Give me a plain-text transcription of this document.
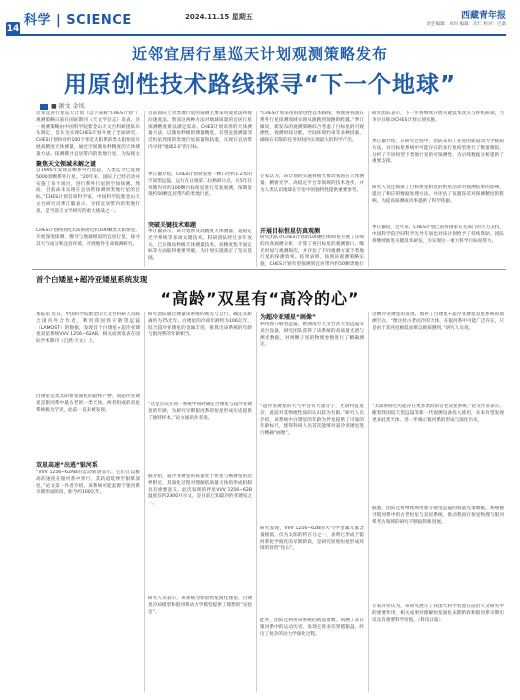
14
科学 | SCIENCE	2024.11.15 星期五	西藏青年报
责任编辑：卓玛 编辑：次仁 校对：巴桑
近邻宜居行星巡天计划观测策略发布
用原创性技术路线探寻“下一个地球”
■ 据文 金凤
近邻宜居行星巡天计划（以下简称“CHES计划”）观测策略日前在国际期刊《天文学杂志》发表。这一观测策略由中国科学院紫金山天文台科研团队牵头制定，旨在为实现CHES计划开展了全面研究。CHES计划将对约100个邻近太阳系的类太阳恒星开展高精度天体测量，通过空间微角秒精度的天体测量方法，探测搜寻宜居带内的类地行星，为发现太
聚焦天文领域未解之谜
自1995年发现首颗系外行星起，人类迄今已发现5000余颗系外行星。“20年来，国际上已经启动并实施了多个项目，进行系外行星的空间探测。然而，目前尚未实现在宜居带探测到类地行星的目标。”CHES计划首席科学家、中国科学院紫金山天文台研究员季江徽表示，寻找宜居带内的类地行星，是当前天文学研究的重大挑战之一。
CHES计划将围绕太阳系附近约100颗类太阳恒星，开展深度探测，搜寻与地球相似的宜居行星，探寻其大气成分和宜居环境，开展地外生命探测研究。
目前国际上对类地行星的探测主要采用凌星法和视向速度法。然而这两种方法对地球质量的宜居行星探测精度难以满足需求。CHES计划采用的天体测量方法，以微角秒级的测量精度，有望直接测量邻近恒星周围的类地行星质量和轨道，实现在宜居带内寻找“地球2.0”的目标。
季江徽介绍，CHES计划将发射一颗口径约1.2米的空间望远镜，运行在日地第二拉格朗日点，在5年任务期内对约100颗目标恒星进行反复观测，预期发现约50颗宜居带内的类地行星。
突破关键技术难题
季江徽表示，该计划涉及高精度天体测量、超稳定光学系统等多项关键技术。科研团队经过多年攻关，已在微角秒级天体测量技术、高精度焦平面定标等方面取得重要突破，为计划实施奠定了坚实基础。
“CHES计划采用的原创性技术路线，将使得我国在系外行星探测领域实现从跟跑到领跑的跨越。”季江徽说，新发布的观测策略综合考虑了目标星的可观测性、观测时间分配、空间环境约束等多种因素，确保在有限的任务时间内实现最大的科学产出。
专家认为，该计划的实施将极大推动我国在天体测量、精密光学、高稳定平台等领域的技术进步，并为人类认识地球在宇宙中的独特性提供重要参考。
开展目标恒星仿真观测
研究团队对CHES计划的100颗目标恒星开展了详细的仿真观测分析，计算了各目标星的观测窗口、曝光时间与观测频次，并评估了不同观测方案下类地行星的探测效率。结果表明，按照该观测策略实施，CHES计划有望探测到宜居带内约50颗类地行
研究团队表示，下一步将继续开展关键技术攻关与样机研制，力争早日推动CHES计划立项实施。
季江徽介绍，在研究过程中，团队采用了先进的轨道动力学模拟方法，对目标星系统中可能存在的多行星构型进行了数值模拟，分析了不同构型下类地行星的可探测性，为后续数据分析提供了重要支撑。
研究人员还模拟了目标恒星附近的恒星活动对观测结果的影响，提出了相应的数据处理方法，并评估了仪器误差对探测精度的影响，为提高探测成功率提供了科学依据。
季江徽说，近年来，CHES计划已获得国家有关部门的大力支持，中国科学院空间科学先导专项也对该计划给予了持续资助。团队将继续推进关键技术研发，为实现这一重大科学目标而努力。
首个白矮星+超冷亚矮星系统发现
“高龄”双星有“高冷的心”
本报讯 近日，中国科学院紫金山天文台科研人员联合国内外合作者，利用我国郭守敬望远镜（LAMOST）的数据，发现首个白矮星+超冷亚矮星双星系统VVV 1256−62AB，相关成果发表在国际学术期刊《自然·天文》上。
白矮星是类太阳恒星演化的最终产物，而超冷亚矮星是银河系中最古老的一类天体。两者组成的双星系统极为罕见，此前一直未被发现。
双星高速“出逃”银河系
“VVV 1256−62AB的运动轨迹显示，它们正以极高的速度在银河系中穿行，其轨道延伸至银晕深处。”论文第一作者介绍，该系统可能起源于银河系早期形成阶段，距今约100亿年。
研究团队通过测量该系统的视差与自行，确定其距离约为75光年。白矮星的冷却年龄约为106亿年，结合超冷亚矮星的金属丰度，推算出该系统的年龄与银河系的年龄相当。
“这是首次在同一系统中同时确定白矮星与超冷亚矮星的年龄，为研究早期银河系的恒星形成历史提供了独特样本。”论文通讯作者说。
据介绍，超冷亚矮星的质量处于恒星与褐矮星的边界附近，其演化过程对理解低质量天体的形成机制具有重要意义。此次发现的伴星VVV 1256−62B温度仅约2300开尔文，是目前已知最冷的亚矮星之一。
研究人员表示，该系统为检验恒星演化理论、白矮星冷却模型和银河系动力学模型提供了理想的“实验室”。
为超冷亚矮星“画像”
利用郭守敬望远镜、欧洲南方天文台甚大望远镜等多台设备，研究团队获得了该系统的高质量光谱与测光数据，对两颗子星的物理参数进行了精确测定。
“超冷亚矮星的大气中含有大量分子，光谱特征复杂，此前对其物理性质的认识较为有限。”研究人员介绍，该系统中白矮星的年龄为伴星提供了可靠的年龄标尺，使得科研人员首次能够对超冷亚矮星进行精确“画像”。
研究发现，VVV 1256−62B的大气中金属元素含量极低，仅为太阳的约百分之一，表明它形成于银河系化学演化的早期阶段，是研究原始恒星形成环境的珍贵“化石”。
此外，团队还利用该系统的轨道参数，回溯了其在银河系中的运动历史，发现它曾多次穿越银盘，经历了复杂的动力学演化过程。
这颗冷亚矮星的发现，填补了白矮星+超冷亚矮星双星系统的观测空白。“像这样古老而冷的天体，在银河系中可能广泛存在，只是由于其亮度极低而难以被探测到。”研究人员说。
“太阳系附近可能存在更多类似的古老双星系统。”论文作者表示，随着我国巡天望远镜等新一代观测设备投入使用，未来有望发现更多此类天体，进一步揭示银河系的形成与演化历史。
据悉，团队还将继续利用郭守敬望远镜的海量光谱数据，系统搜寻银河系中的古老恒星与双星系统，推动我国在恒星物理与银河系考古领域的研究不断取得新进展。
专家评价认为，该研究展示了我国大科学装置在前沿天文研究中的重要作用，相关成果对理解恒星演化末期阶段和银河系早期历史具有重要科学价值。（科技日报）
